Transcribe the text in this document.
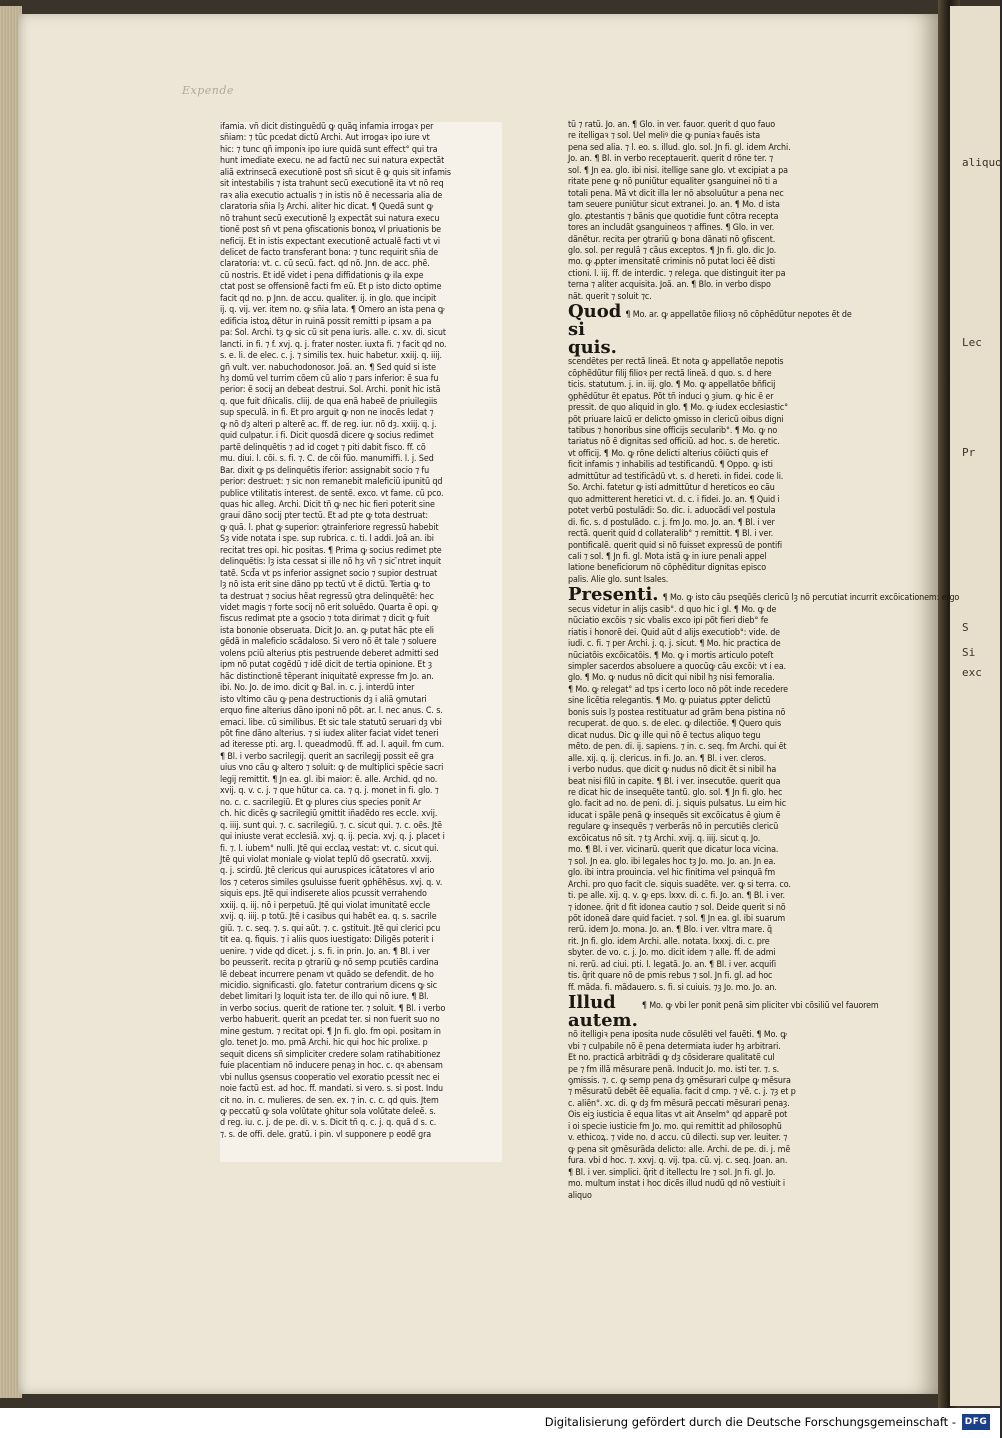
aliquo
Lec
Pr
S
Si
exc
Expende
ifamia. vñ dicit distinguẽdũ ꝙ quãꝗ infamia irrogaꝛ per
sñiam: ⁊ tũc pcedat dictũ Archi. Aut irrogaꝛ ipo iure vt
hic: ⁊ tunc qñ imponiꝛ ipo iure quidã sunt effect° qui tra
hunt imediate execu. ne ad factũ nec sui natura expectãt
aliã extrinsecã executionẽ post sñ sicut ẽ ꝙ quis sit infamis
sit intestabilis ⁊ ista trahunt secũ executionẽ ita vt nõ req
raꝛ alia executio actualis ⁊ in istis nõ ẽ necessaria alia de
claratoria sñia lȝ Archi. aliter hic dicat. ¶ Quedã sunt ꝙ
nõ trahunt secũ executionẽ lȝ expectãt sui natura execu
tionẽ post sñ vt pena ꝯfiscationis bonoꝝ vl priuationis be
neficij. Et in istis expectant executionẽ actualẽ facti vt vi
delicet de facto transferant bona: ⁊ tunc requirit sñia de
claratoria: vt. c. cũ secũ. fact. qd nõ. Jnn. de acc. phẽ.
cũ nostris. Et idẽ videt i pena diffidationis ꝙ ila expe
ctat post se offensionẽ facti fm eũ. Et p isto dicto optime
facit qd no. p Jnn. de accu. qualiter. ij. in glo. que incipit
ij. q. vij. ver. item no. ꝙ sñia lata. ¶ Omero an ista pena ꝙ
edificia istoꝝ dẽtur in ruinã possit remitti p ipsam a pa
pa: Sol. Archi. tȝ ꝙ sic cũ sit pena iuris. alle. c. xv. di. sicut
lancti. in fi. ⁊ f. xvj. q. j. frater noster. iuxta fi. ⁊ facit qd no.
s. e. li. de elec. c. j. ⁊ similis tex. huic habetur. xxiij. q. iiij.
gñ vult. ver. nabuchodonosor. Joã. an. ¶ Sed quid si iste
hȝ domũ vel turrim cõem cũ alio ⁊ pars inferior: ẽ sua fu
perior: ẽ socij an debeat destrui. Sol. Archi. ponit hic istã
q. que fuit dñicalis. cliij. de qua enã habeẽ de priuilegiis
sup speculã. in fi. Et pro arguit ꝙ non ne inocẽs ledat ⁊
ꝙ nõ dȝ alteri p alterẽ ac. ff. de reg. iur. nõ dȝ. xxiij. q. j.
quid culpatur. i fi. Dicit quosdã dicere ꝙ socius redimet
partẽ delinquẽtis ⁊ ad id coget ⁊ piti dabit fisco. ff. cõ
mu. diui. l. cõi. s. fi. ⁊. C. de cõi fũo. manumiffi. l. j. Sed
Bar. dixit ꝙ ps delinquẽtis iferior: assignabit socio ⁊ fu
perior: destruet: ⁊ sic non remanebit maleficiũ ipunitũ qd
publice vtilitatis interest. de sentẽ. exco. vt fame. cũ pco.
quas hic alleg. Archi. Dicit tñ ꝙ nec hic fieri poterit sine
graui dãno socij pter tectũ. Et ad pte ꝙ tota destruat:
ꝙ quã. l. phat ꝙ superior: ꝯtrainferiore regressũ habebit
Sȝ vide notata i spe. sup rubrica. c. ti. l addi. Joã an. ibi
recitat tres opi. hic positas. ¶ Prima ꝙ socius redimet pte
delinquẽtis: lȝ ista cessat si ille nõ hȝ vñ ⁊ sic ̄ntret inquit
tatẽ. Scd̃a vt ps inferior assignet socio ⁊ supior destruat
lȝ nõ ista erit sine dãno pp tectũ vt ẽ dictũ. Tertia ꝙ to
ta destruat ⁊ socius hẽat regressũ ꝯtra delinquẽtẽ: hec
videt magis ⁊ forte socij nõ erit soluẽdo. Quarta ẽ opi. ꝙ
fiscus redimat pte a ꝯsocio ⁊ tota dirimat ⁊ dicit ꝙ fuit
ista bononie obseruata. Dicit Jo. an. ꝙ putat hãc pte eli
gẽdã in maleficio scãdaloso. Si vero nõ ẽt tale ⁊ soluere
volens pciũ alterius ptis pestruende deberet admitti sed
ipm nõ putat cogẽdũ ⁊ idẽ dicit de tertia opinione. Et ȝ
hãc distinctionẽ tẽperant iniquitatẽ expresse fm Jo. an.
ibi. No. Jo. de imo. dicit ꝙ Bal. in. c. j. interdũ inter
isto vltimo cãu ꝙ pena destructionis dȝ i aliã ꝯmutari
erquo fine alterius dãno iponi nõ põt. ar. l. nec anus. C. s.
emaci. libe. cũ similibus. Et sic tale statutũ seruari dȝ vbi
põt fine dãno alterius. ⁊ si iudex aliter faciat videt teneri
ad iteresse pti. arg. l. queadmodũ. ff. ad. l. aquil. fm cum.
¶ Bl. i verbo sacrilegij. querit an sacrilegij possit eẽ gra
uius vno cãu ꝙ altero ⁊ soluit: ꝙ de multiplici spẽcie sacri
legij remittit. ¶ Jn ea. gl. ibi maior: ẽ. alle. Archid. qd no.
xvij. q. v. c. j. ⁊ que hũtur ca. ca. ⁊ q. j. monet in fi. glo. ⁊
no. c. c. sacrilegiũ. Et ꝙ plures cius species ponit Ar
ch. hic dicẽs ꝙ sacrilegiũ ꝯmittit iñadẽdo res eccle. xvij.
q. iiij. sunt qui. ⁊. c. sacrilegiũ. ⁊. c. sicut qui. ⁊. c. oẽs. Jtẽ
qui iniuste verat ecclesiã. xvj. q. ij. pecia. xvj. q. j. placet i
fi. ⁊. l. iubem° nulli. Jtẽ qui ecclaꝝ vestat: vt. c. sicut qui.
Jtẽ qui violat moniale ꝙ violat teplũ dõ ꝯsecratũ. xxvij.
q. j. scirdũ. Jtẽ clericus qui auruspices icãtatores vl ario
los ⁊ ceteros similes ꝯsuluisse fuerit ꝯphẽhẽsus. xvj. q. v.
siquis eps. Jtẽ qui indiserete alios pcussit verrahendo
xxiij. q. iij. nõ i perpetuũ. Jtẽ qui violat imunitatẽ eccle
xvij. q. iiij. p totũ. Jtẽ i casibus qui habẽt ea. q. s. sacrile
giũ. ⁊. c. seq. ⁊. s. qui aũt. ⁊. c. ꝯstituit. Jtẽ qui clerici pcu
tit ea. q. fiquis. ⁊ i aliis quos iuestigato: Diligẽs poterit i
uenire. ⁊ vide qd dicet. j. s. fi. in prin. Jo. an. ¶ Bl. i ver
bo peusserit. recita p ꝯtrariũ ꝙ nõ semp pcutiẽs cardina
lẽ debeat incurrere penam vt quãdo se defendit. de ho
micidio. significasti. glo. fatetur contrarium dicens ꝙ sic
debet limitari lȝ loquit ista ter. de illo qui nõ iure. ¶ Bl.
in verbo socius. querit de ratione ter. ⁊ soluit. ¶ Bl. i verbo
verbo habuerit. querit an pcedat ter. si non fuerit suo no
mine gestum. ⁊ recitat opi. ¶ Jn fi. glo. fm opi. positam in
glo. tenet Jo. mo. pmã Archi. hic qui hoc hic prolixe. p
sequit dicens sñ simpliciter credere solam ratihabitionez
fuie placentiam nõ inducere penaȝ in hoc. c. qꝛ abensam
vbi nullus ꝯsensus cooperatio vel exoratio pcessit nec ei
noie factũ est. ad hoc. ff. mandati. si vero. s. si post. Indu
cit no. in. c. mulieres. de sen. ex. ⁊ in. c. c. qd quis. Jtem
ꝙ peccatũ ꝙ sola volũtate ꝯhitur sola volũtate deleẽ. s.
d reg. iu. c. j. de pe. di. v. s. Dicit tñ q. c. j. q. quã d s. c.
⁊. s. de offi. dele. gratũ. i pin. vl supponere p eodẽ gra
tũ ⁊ ratũ. Jo. an. ¶ Glo. in ver. fauor. querit d quo fauo
re itelligaꝛ ⁊ sol. Uel meliꝰ die ꝙ puniaꝛ fauẽs ista
pena sed alia. ⁊ l. eo. s. illud. glo. sol. Jn fi. gl. idem Archi.
Jo. an. ¶ Bl. in verbo receptauerit. querit d rõne ter. ⁊
sol. ¶ Jn ea. glo. ibi nisi. itellige sane glo. vt excipiat a pa
ritate pene ꝙ nõ puniũtur equaliter ꝯsanguinei nõ ti a
totali pena. Mã vt dicit illa ler nõ absoluũtur a pena nec
tam seuere puniũtur sicut extranei. Jo. an. ¶ Mo. d ista
glo. ꝓtestantis ⁊ bãnis que quotidie funt cõtra recepta
tores an includãt ꝯsanguineos ⁊ affines. ¶ Glo. in ver.
dãnẽtur. recita per ꝯtrariũ ꝙ bona dãnati nõ ꝯfiscent.
glo. sol. per regulã ⁊ cãus exceptos. ¶ Jn fi. glo. dic Jo.
mo. ꝙ ꝓpter imensitatẽ criminis nõ putat loci ẽẽ disti
ctioni. l. iij. ff. de interdic. ⁊ relega. que distinguit iter pa
terna ⁊ aliter acquisita. Joã. an. ¶ Blo. in verbo dispo
nãt. querit ⁊ soluit ⁊c.
Quod si quis.
¶ Mo. ar. ꝙ appellatõe filioꝛȝ nõ cõphẽdũtur nepotes ẽt de
scendẽtes per rectã lineã. Et nota ꝙ appellatõe nepotis
cõphẽdũtur filij filioꝛ per rectã lineã. d quo. s. d here
ticis. statutum. j. in. iij. glo. ¶ Mo. ꝙ appellatõe bñficij
ꝯphẽdũtur ẽt epatus. Põt tñ induci ꝯ ȝium. ꝙ hic ẽ er
pressit. de quo aliquid in glo. ¶ Mo. ꝙ iudex ecclesiastic°
põt priuare laicũ er delicto ꝯmisso in clericũ oibus digni
tatibus ⁊ honoribus sine officijs secularib°. ¶ Mo. ꝙ no
tariatus nõ ẽ dignitas sed officiũ. ad hoc. s. de heretic.
vt officij. ¶ Mo. ꝙ rõne delicti alterius cõiũcti quis ef
ficit infamis ⁊ inhabilis ad testificandũ. ¶ Oppo. ꝙ isti
admittũtur ad testificãdũ vt. s. d hereti. in fidei. code li.
So. Archi. fatetur ꝙ isti admittũtur d hereticos eo cãu
quo admitterent heretici vt. d. c. i fidei. Jo. an. ¶ Quid i
potet verbũ postulãdi: So. dic. i. aduocãdi vel postula
di. fic. s. d postulãdo. c. j. fm Jo. mo. Jo. an. ¶ Bl. i ver
rectã. querit quid d collateralib° ⁊ remittit. ¶ Bl. i ver.
pontificalẽ. querit quid si nõ fuisset expressũ de pontifi
cali ⁊ sol. ¶ Jn fi. gl. Mota istã ꝙ in iure penali appel
latione beneficiorum nõ cõphẽditur dignitas episco
palis. Alie glo. sunt lsales.
Presenti. ¶ Mo. ꝙ isto cãu pseqũẽs clericũ lȝ nõ percutiat incurrit excõicationem: ergo
secus videtur in alijs casib°. d quo hic i gl. ¶ Mo. ꝙ de
nũciatio excõis ⁊ sic vbalis exco ipi põt fieri dieb° fe
riatis i honorẽ dei. Quid aũt d alijs executiob°: vide. de
iudi. c. fi. ⁊ per Archi. j. q. j. sicut. ¶ Mo. hic practica de
nũciatõis excõicatõis. ¶ Mo. ꝙ i mortis articulo poteſt
simpler sacerdos absoluere a quocũꝙ cãu excõi: vt i ea.
glo. ¶ Mo. ꝙ nudus nõ dicit qui nibil hȝ nisi femoralia.
¶ Mo. ꝙ relegat° ad tps i certo loco nõ põt inde recedere
sine licẽtia relegantis. ¶ Mo. ꝙ puiatus ꝓpter delictũ
bonis suis lȝ postea restituatur ad grãm bena pistina nõ
recuperat. de quo. s. de elec. ꝙ dilectiõe. ¶ Quero quis
dicat nudus. Dic ꝙ ille qui nõ ẽ tectus aliquo tegu
mẽto. de pen. di. ij. sapiens. ⁊ in. c. seq. fm Archi. qui ẽt
alle. xij. q. ij. clericus. in fi. Jo. an. ¶ Bl. i ver. cleros.
i verbo nudus. que dicit ꝙ nudus nõ dicit ẽt si nibil ha
beat nisi filũ in capite. ¶ Bl. i ver. insecutõe. querit qua
re dicat hic de insequẽte tantũ. glo. sol. ¶ Jn fi. glo. hec
glo. facit ad no. de peni. di. j. siquis pulsatus. Lu eim hic
iducat i spãle penã ꝙ insequẽs sit excõicatus ẽ ꝯium ẽ
regulare ꝙ insequẽs ⁊ verberãs nõ in percutiẽs clericũ
excõicatus nõ sit. ⁊ tȝ Archi. xvij. q. iiij. sicut q. Jo.
mo. ¶ Bl. i ver. vicinarũ. querit que dicatur loca vicina.
⁊ sol. Jn ea. glo. ibi legales hoc tȝ Jo. mo. Jo. an. Jn ea.
glo. ibi intra prouincia. vel hic finitima vel pꝛinquã fm
Archi. pro quo facit cle. siquis suadẽte. ver. ꝙ si terra. co.
ti. pe alle. xij. q. v. ꝙ eps. lxxv. di. c. fi. Jo. an. ¶ Bl. i ver.
⁊ idonee. q̃rit d fit idonea cautio ⁊ sol. Deide querit si nõ
põt idoneã dare quid faciet. ⁊ sol. ¶ Jn ea. gl. ibi suarum
rerũ. idem Jo. mona. Jo. an. ¶ Blo. i ver. vltra mare. q̃
rit. Jn fi. glo. idem Archi. alle. notata. lxxxj. di. c. pre
sbyter. de vo. c. j. Jo. mo. dicit idem ⁊ alle. ff. de admi
ni. rerũ. ad ciui. pti. l. legatã. Jo. an. ¶ Bl. i ver. acquiſi
tis. q̃rit quare nõ de pmis rebus ⁊ sol. Jn fi. gl. ad hoc
ff. mãda. fi. mãdauero. s. fi. si cuiuis. ⁊ȝ Jo. mo. Jo. an.
Illud autem.
¶ Mo. ꝙ vbi ler ponit penã sim pliciter vbi cõsiliũ vel fauorem
nõ itelligiꝛ pena iposita nude cõsulẽti vel fauẽti. ¶ Mo. ꝙ
vbi ⁊ culpabile nõ ẽ pena determiata iuder hȝ arbitrari.
Et no. practicã arbitrãdi ꝙ dȝ cõsiderare qualitatẽ cul
pe ⁊ fm illã mẽsurare penã. Inducit Jo. mo. isti ter. ⁊. s.
ꝯmissis. ⁊. c. ꝙ semp pena dȝ ꝯmẽsurari culpe ꝙ mẽsura
⁊ mẽsuratũ debẽt ẽẽ equalia. facit d cmp. ⁊ vẽ. c. j. ⁊ȝ et p
c. aliẽn°. xc. di. ꝙ dȝ fm mẽsurã peccati mẽsurari penaȝ.
Ois eiꝫ iusticia ẽ equa litas vt ait Anselm° qd apparẽ pot
i oi specie iusticie fm Jo. mo. qui remittit ad philosophũ
v. ethicoꝝ. ⁊ vide no. d accu. cũ dilecti. sup ver. leuiter. ⁊
ꝙ pena sit ꝯmẽsurãda delicto: alle. Archi. de pe. di. j. mẽ
fura. vbi d hoc. ⁊. xxvj. q. vij. tpa. cũ. vj. c. seq. Joan. an.
¶ Bl. i ver. simplici. q̃rit d itellectu lre ⁊ sol. Jn fi. gl. Jo.
mo. multum instat i hoc dicẽs illud nudũ qd nõ vestiuit i
aliquo
Digitalisierung gefördert durch die Deutsche Forschungsgemeinschaft - DFG
